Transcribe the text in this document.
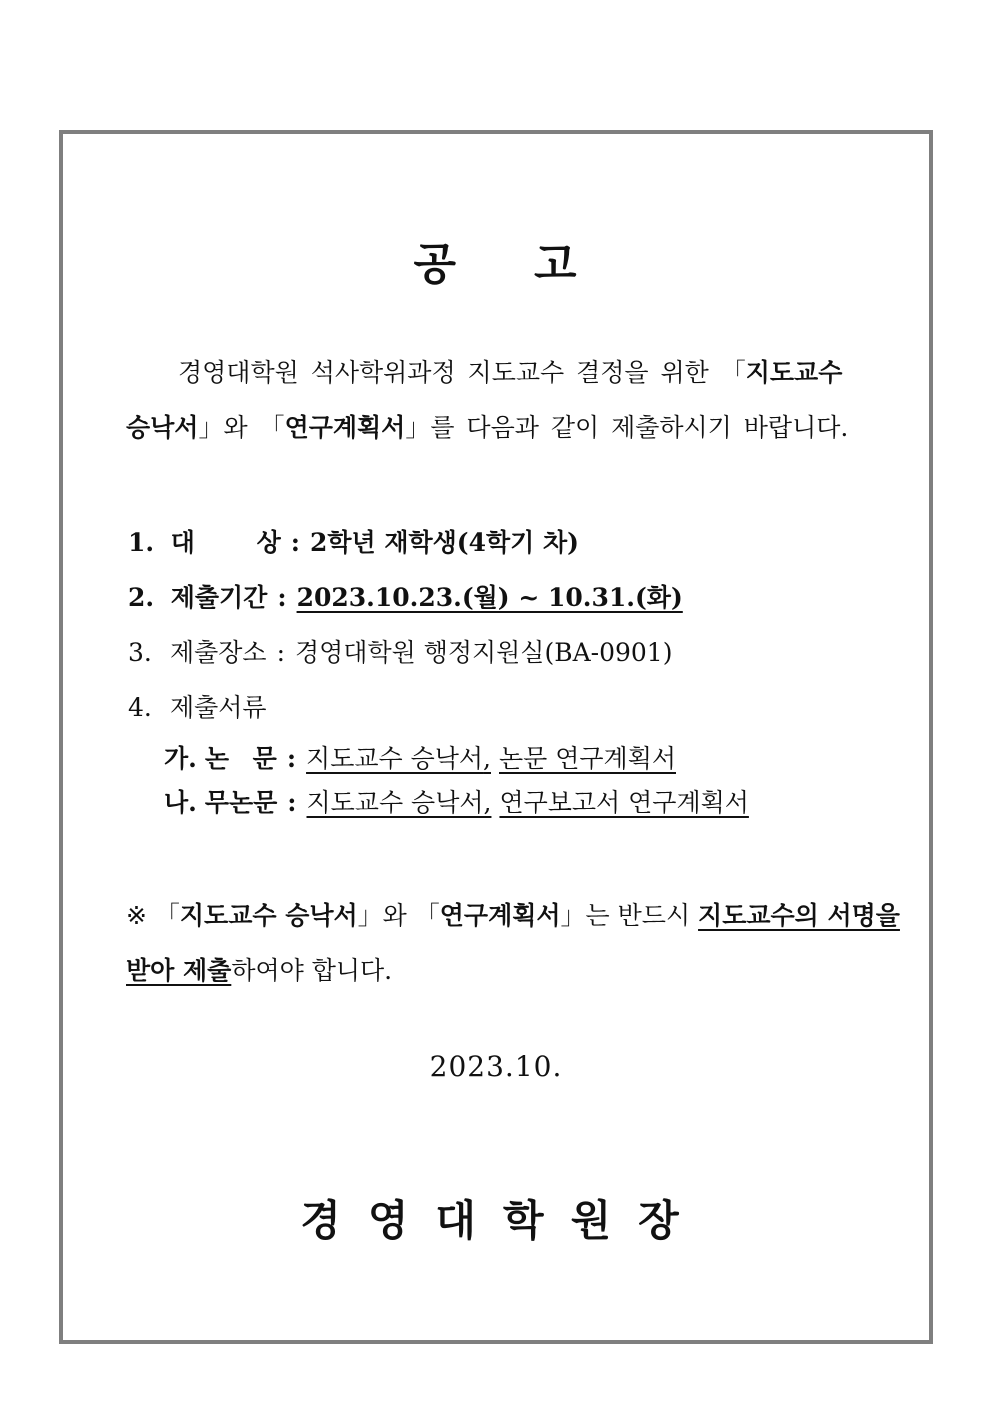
공 고
경영대학원 석사학위과정 지도교수 결정을 위한 「지도교수
승낙서」와 「연구계획서」를 다음과 같이 제출하시기 바랍니다.
1. 대 상 : 2학년 재학생(4학기 차)
2. 제출기간 : 2023.10.23.(월) ~ 10.31.(화)
3. 제출장소 : 경영대학원 행정지원실(BA-0901)
4. 제출서류
가. 논 문 : 지도교수 승낙서, 논문 연구계획서
나. 무논문 : 지도교수 승낙서, 연구보고서 연구계획서
※ 「지도교수 승낙서」와 「연구계획서」는 반드시 지도교수의 서명을
받아 제출하여야 합니다.
2023.10.
경영대학원장
